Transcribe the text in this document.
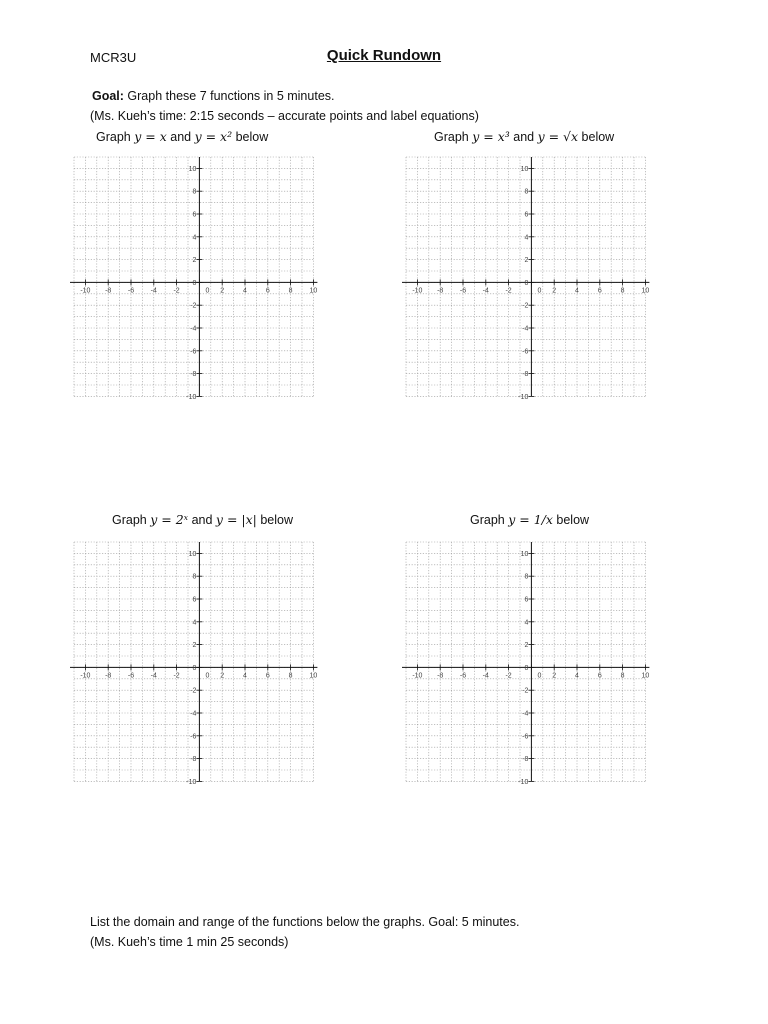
MCR3U	Quick Rundown
Goal: Graph these 7 functions in 5 minutes.
(Ms. Kueh’s time: 2:15 seconds – accurate points and label equations)
Graph y = x and y = x² below	Graph y = x³ and y = √x below
Graph y = 2ˣ and y = |x| below	Graph y = 1/x below
-10 -8 -6 -4 -2	2	4	6	8 10
10
8
6
4
2
0
-2
-4
-6
-8
-10
0	-10 -8 -6 -4 -2	2	4	6	8 10
10
8
6
4
2
0
-2
-4
-6
-8
-10
0
-10 -8 -6 -4 -2	2	4	6	8 10
10
8
6
4
2
0
-2
-4
-6
-8
-10
0	-10 -8 -6 -4 -2	2	4	6	8 10
10
8
6
4
2
0
-2
-4
-6
-8
-10
0
List the domain and range of the functions below the graphs. Goal: 5 minutes.
(Ms. Kueh’s time 1 min 25 seconds)
